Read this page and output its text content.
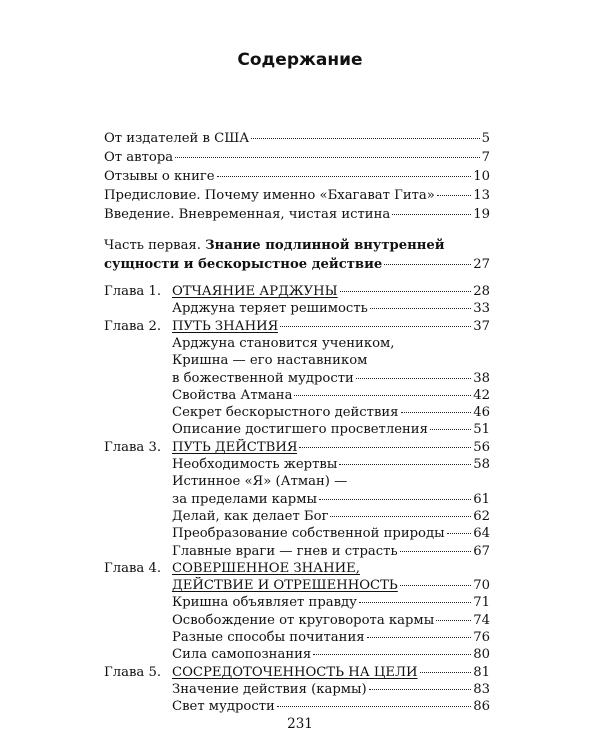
Содержание
От издателей в США	5
От автора	7
Отзывы о книге	10
Предисловие. Почему именно «Бхагават Гита»	13
Введение. Вневременная, чистая истина	19
Часть первая. Знание подлинной внутренней
сущности и бескорыстное действие	27
Глава 1. ОТЧАЯНИЕ АРДЖУНЫ	28
Арджуна теряет решимость	33
Глава 2. ПУТЬ ЗНАНИЯ	37
Арджуна становится учеником,
Кришна — его наставником
в божественной мудрости	38
Свойства Атмана	42
Секрет бескорыстного действия	46
Описание достигшего просветления	51
Глава 3. ПУТЬ ДЕЙСТВИЯ	56
Необходимость жертвы	58
Истинное «Я» (Атман) —
за пределами кармы	61
Делай, как делает Бог	62
Преобразование собственной природы 64
Главные враги — гнев и страсть	67
Глава 4. СОВЕРШЕННОЕ ЗНАНИЕ,
ДЕЙСТВИЕ И ОТРЕШЕННОСТЬ	70
Кришна объявляет правду	71
Освобождение от круговорота кармы	74
Разные способы почитания	76
Сила самопознания	80
Глава 5. СОСРЕДОТОЧЕННОСТЬ НА ЦЕЛИ	81
Значение действия (кармы)	83
Свет мудрости	86
231
